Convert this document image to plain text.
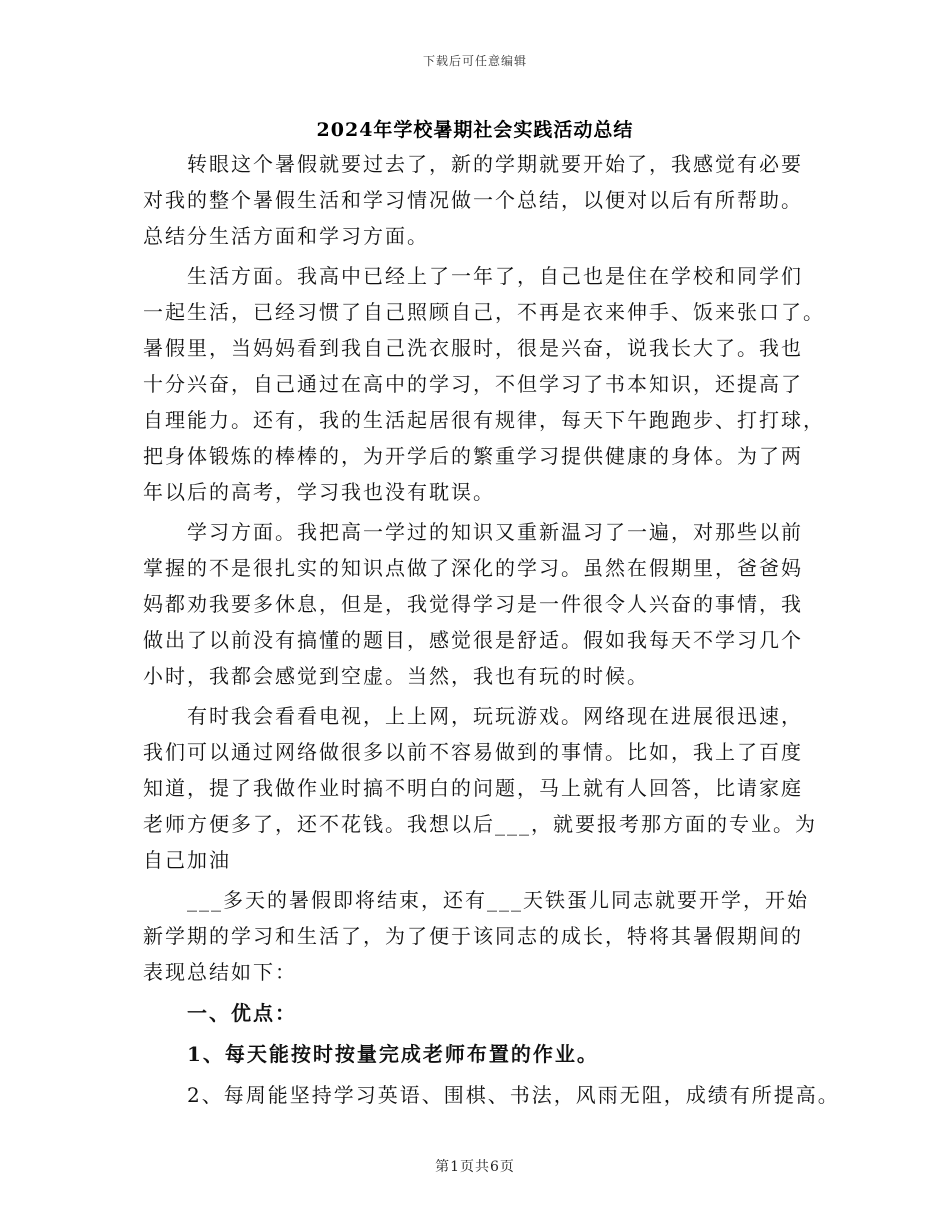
下载后可任意编辑
2024年学校暑期社会实践活动总结
转眼这个暑假就要过去了，新的学期就要开始了，我感觉有必要
对我的整个暑假生活和学习情况做一个总结，以便对以后有所帮助。
总结分生活方面和学习方面。
生活方面。我高中已经上了一年了，自己也是住在学校和同学们
一起生活，已经习惯了自己照顾自己，不再是衣来伸手、饭来张口了。
暑假里，当妈妈看到我自己洗衣服时，很是兴奋，说我长大了。我也
十分兴奋，自己通过在高中的学习，不但学习了书本知识，还提高了
自理能力。还有，我的生活起居很有规律，每天下午跑跑步、打打球，
把身体锻炼的棒棒的，为开学后的繁重学习提供健康的身体。为了两
年以后的高考，学习我也没有耽误。
学习方面。我把高一学过的知识又重新温习了一遍，对那些以前
掌握的不是很扎实的知识点做了深化的学习。虽然在假期里，爸爸妈
妈都劝我要多休息，但是，我觉得学习是一件很令人兴奋的事情，我
做出了以前没有搞懂的题目，感觉很是舒适。假如我每天不学习几个
小时，我都会感觉到空虚。当然，我也有玩的时候。
有时我会看看电视，上上网，玩玩游戏。网络现在进展很迅速，
我们可以通过网络做很多以前不容易做到的事情。比如，我上了百度
知道，提了我做作业时搞不明白的问题，马上就有人回答，比请家庭
老师方便多了，还不花钱。我想以后___，就要报考那方面的专业。为
自己加油
___多天的暑假即将结束，还有___天铁蛋儿同志就要开学，开始
新学期的学习和生活了，为了便于该同志的成长，特将其暑假期间的
表现总结如下：
一、优点：
1、每天能按时按量完成老师布置的作业。
2、每周能坚持学习英语、围棋、书法，风雨无阻，成绩有所提高。
第1页共6页
